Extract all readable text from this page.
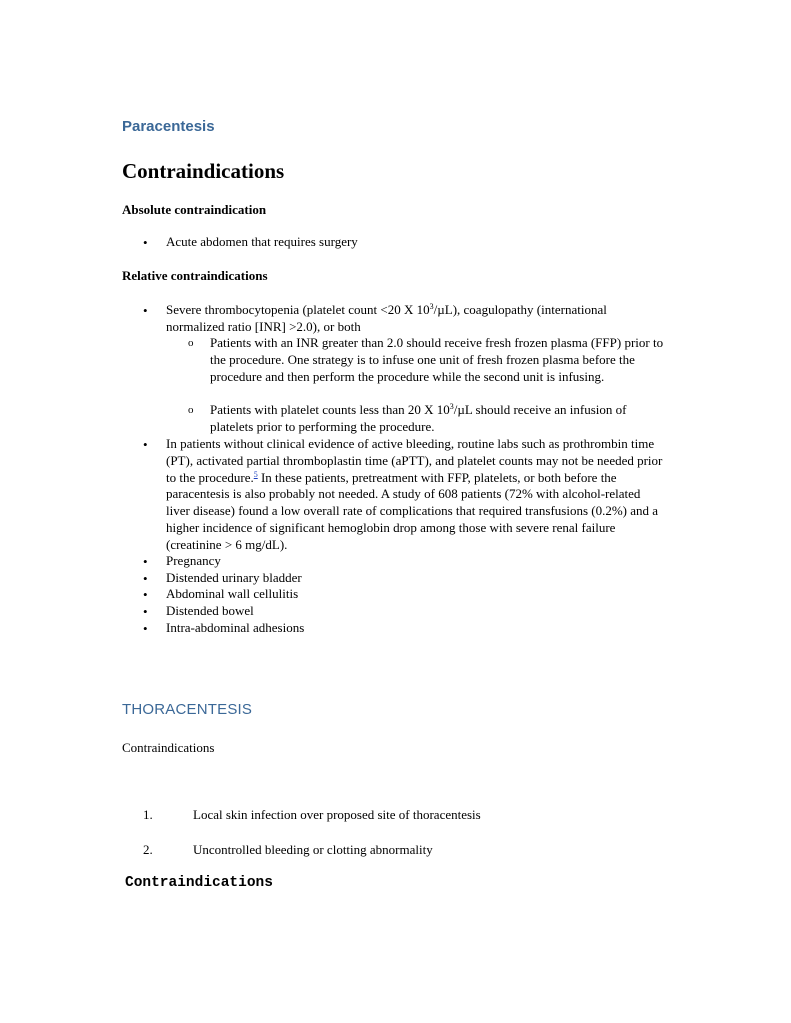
Paracentesis
Contraindications
Absolute contraindication
• Acute abdomen that requires surgery
Relative contraindications
• Severe thrombocytopenia (platelet count <20 X $10^3/\mu L$), coagulopathy (international normalized ratio [INR] >2.0), or both
o Patients with an INR greater than 2.0 should receive fresh frozen plasma (FFP) prior to the procedure. One strategy is to infuse one unit of fresh frozen plasma before the procedure and then perform the procedure while the second unit is infusing.
o Patients with platelet counts less than 20 X $10^3/\mu L$ should receive an infusion of platelets prior to performing the procedure.
• In patients without clinical evidence of active bleeding, routine labs such as prothrombin time (PT), activated partial thromboplastin time (aPTT), and platelet counts may not be needed prior to the procedure.$^5$ In these patients, pretreatment with FFP, platelets, or both before the paracentesis is also probably not needed. A study of 608 patients (72% with alcohol-related liver disease) found a low overall rate of complications that required transfusions (0.2%) and a higher incidence of significant hemoglobin drop among those with severe renal failure (creatinine > 6 mg/dL).
• Pregnancy
• Distended urinary bladder
• Abdominal wall cellulitis
• Distended bowel
• Intra-abdominal adhesions
THORACENTESIS
Contraindications
1.	Local skin infection over proposed site of thoracentesis
2.	Uncontrolled bleeding or clotting abnormality
Contraindications
